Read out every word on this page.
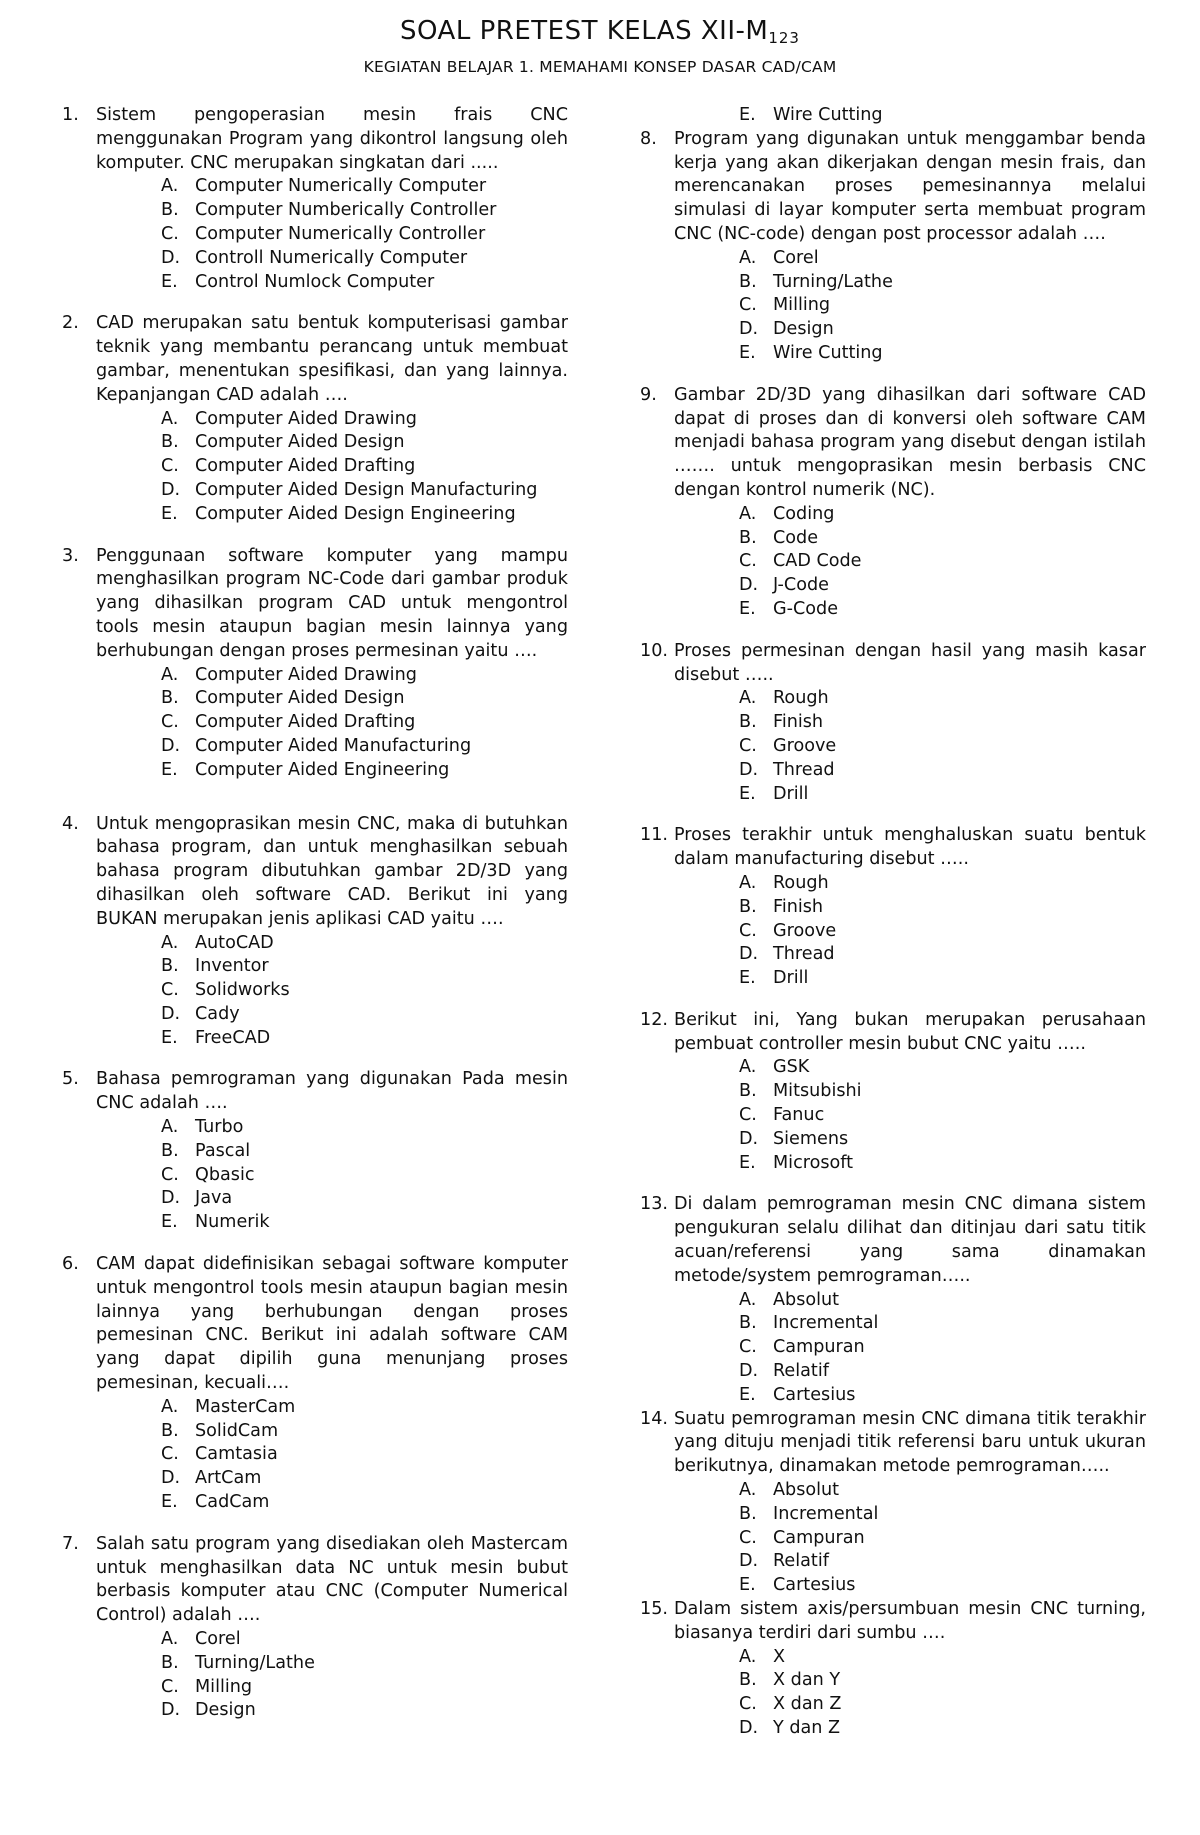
SOAL PRETEST KELAS XII-$M_{123}$
KEGIATAN BELAJAR 1. MEMAHAMI KONSEP DASAR CAD/CAM
1. Sistem pengoperasian mesin frais CNC menggunakan Program yang dikontrol langsung oleh komputer. CNC merupakan singkatan dari .....
A. Computer Numerically Computer
B. Computer Numberically Controller
C. Computer Numerically Controller
D. Controll Numerically Computer
E. Control Numlock Computer
2. CAD merupakan satu bentuk komputerisasi gambar teknik yang membantu perancang untuk membuat gambar, menentukan spesifikasi, dan yang lainnya. Kepanjangan CAD adalah ….
A. Computer Aided Drawing
B. Computer Aided Design
C. Computer Aided Drafting
D. Computer Aided Design Manufacturing
E. Computer Aided Design Engineering
3. Penggunaan software komputer yang mampu menghasilkan program NC-Code dari gambar produk yang dihasilkan program CAD untuk mengontrol tools mesin ataupun bagian mesin lainnya yang berhubungan dengan proses permesinan yaitu ….
A. Computer Aided Drawing
B. Computer Aided Design
C. Computer Aided Drafting
D. Computer Aided Manufacturing
E. Computer Aided Engineering
4. Untuk mengoprasikan mesin CNC, maka di butuhkan bahasa program, dan untuk menghasilkan sebuah bahasa program dibutuhkan gambar 2D/3D yang dihasilkan oleh software CAD. Berikut ini yang BUKAN merupakan jenis aplikasi CAD yaitu ….
A. AutoCAD
B. Inventor
C. Solidworks
D. Cady
E. FreeCAD
5. Bahasa pemrograman yang digunakan Pada mesin CNC adalah ….
A. Turbo
B. Pascal
C. Qbasic
D. Java
E. Numerik
6. CAM dapat didefinisikan sebagai software komputer untuk mengontrol tools mesin ataupun bagian mesin lainnya yang berhubungan dengan proses pemesinan CNC. Berikut ini adalah software CAM yang dapat dipilih guna menunjang proses pemesinan, kecuali….
A. MasterCam
B. SolidCam
C. Camtasia
D. ArtCam
E. CadCam
7. Salah satu program yang disediakan oleh Mastercam untuk menghasilkan data NC untuk mesin bubut berbasis komputer atau CNC (Computer Numerical Control) adalah ….
A. Corel
B. Turning/Lathe
C. Milling
D. Design
E. Wire Cutting
8. Program yang digunakan untuk menggambar benda kerja yang akan dikerjakan dengan mesin frais, dan merencanakan proses pemesinannya melalui simulasi di layar komputer serta membuat program CNC (NC-code) dengan post processor adalah ….
A. Corel
B. Turning/Lathe
C. Milling
D. Design
E. Wire Cutting
9. Gambar 2D/3D yang dihasilkan dari software CAD dapat di proses dan di konversi oleh software CAM menjadi bahasa program yang disebut dengan istilah ……. untuk mengoprasikan mesin berbasis CNC dengan kontrol numerik (NC).
A. Coding
B. Code
C. CAD Code
D. J-Code
E. G-Code
10. Proses permesinan dengan hasil yang masih kasar disebut …..
A. Rough
B. Finish
C. Groove
D. Thread
E. Drill
11. Proses terakhir untuk menghaluskan suatu bentuk dalam manufacturing disebut …..
A. Rough
B. Finish
C. Groove
D. Thread
E. Drill
12. Berikut ini, Yang bukan merupakan perusahaan pembuat controller mesin bubut CNC yaitu …..
A. GSK
B. Mitsubishi
C. Fanuc
D. Siemens
E. Microsoft
13. Di dalam pemrograman mesin CNC dimana sistem pengukuran selalu dilihat dan ditinjau dari satu titik acuan/referensi yang sama dinamakan metode/system pemrograman…..
A. Absolut
B. Incremental
C. Campuran
D. Relatif
E. Cartesius
14. Suatu pemrograman mesin CNC dimana titik terakhir yang dituju menjadi titik referensi baru untuk ukuran berikutnya, dinamakan metode pemrograman…..
A. Absolut
B. Incremental
C. Campuran
D. Relatif
E. Cartesius
15. Dalam sistem axis/persumbuan mesin CNC turning, biasanya terdiri dari sumbu ….
A. X
B. X dan Y
C. X dan Z
D. Y dan Z
